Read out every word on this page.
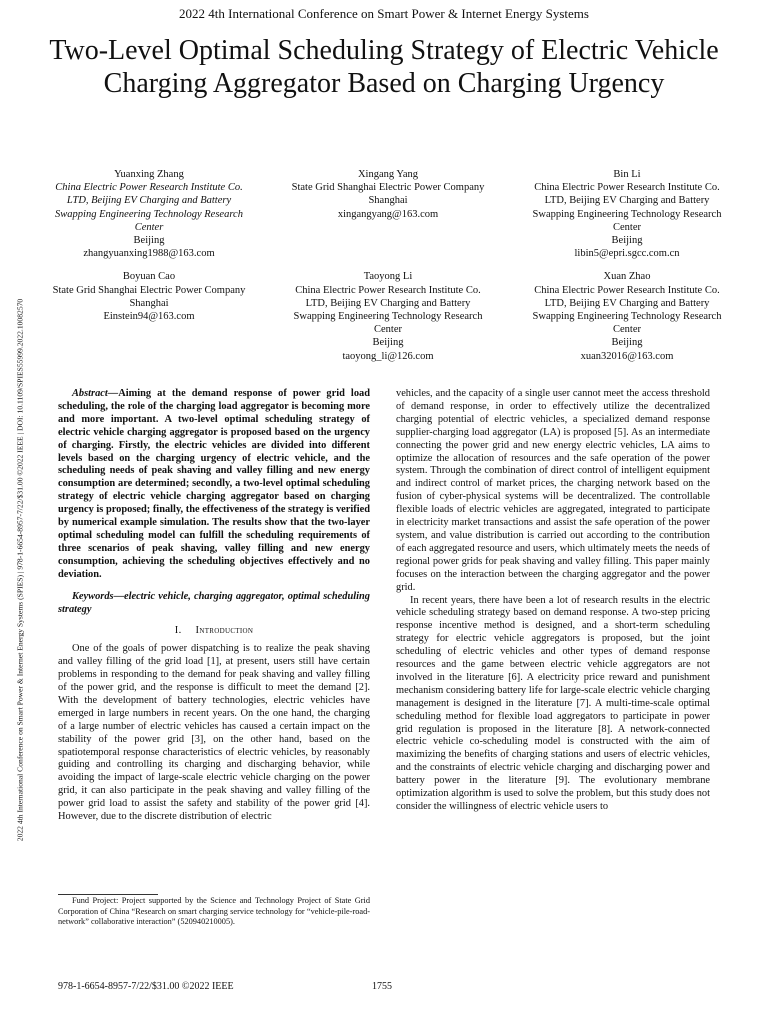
2022 4th International Conference on Smart Power & Internet Energy Systems
Two-Level Optimal Scheduling Strategy of Electric Vehicle Charging Aggregator Based on Charging Urgency
Yuanxing Zhang
China Electric Power Research Institute Co. LTD, Beijing EV Charging and Battery Swapping Engineering Technology Research Center
Beijing
zhangyuanxing1988@163.com
Xingang Yang
State Grid Shanghai Electric Power Company
Shanghai
xingangyang@163.com
Bin Li
China Electric Power Research Institute Co. LTD, Beijing EV Charging and Battery Swapping Engineering Technology Research Center
Beijing
libin5@epri.sgcc.com.cn
Boyuan Cao
State Grid Shanghai Electric Power Company
Shanghai
Einstein94@163.com
Taoyong Li
China Electric Power Research Institute Co. LTD, Beijing EV Charging and Battery Swapping Engineering Technology Research Center
Beijing
taoyong_li@126.com
Xuan Zhao
China Electric Power Research Institute Co. LTD, Beijing EV Charging and Battery Swapping Engineering Technology Research Center
Beijing
xuan32016@163.com
2022 4th International Conference on Smart Power & Internet Energy Systems (SPIES) | 978-1-6654-8957-7/22/$31.00 ©2022 IEEE | DOI: 10.1109/SPIES55999.2022.10082570	Abstract—Aiming at the demand response of power grid load scheduling, the role of the charging load aggregator is becoming more and more important. A two-level optimal scheduling strategy of electric vehicle charging aggregator is proposed based on the urgency of charging. Firstly, the electric vehicles are divided into different levels based on the charging urgency of electric vehicle, and the scheduling needs of peak shaving and valley filling and new energy consumption are determined; secondly, a two-level optimal scheduling strategy of electric vehicle charging aggregator based on charging urgency is proposed; finally, the effectiveness of the strategy is verified by numerical example simulation. The results show that the two-layer optimal scheduling model can fulfill the scheduling requirements of three scenarios of peak shaving, valley filling and new energy consumption, achieving the scheduling objectives effectively and no deviation.

Keywords—electric vehicle, charging aggregator, optimal scheduling strategy

I. Introduction

One of the goals of power dispatching is to realize the peak shaving and valley filling of the grid load [1], at present, users still have certain problems in responding to the demand for peak shaving and valley filling of the power grid, and the response is difficult to meet the demand [2]. With the development of battery technologies, electric vehicles have emerged in large numbers in recent years. On the one hand, the charging of a large number of electric vehicles has caused a certain impact on the stability of the power grid [3], on the other hand, based on the spatiotemporal response characteristics of electric vehicles, by reasonably guiding and controlling its charging and discharging behavior, while avoiding the impact of large-scale electric vehicle charging on the power grid, it can also participate in the peak shaving and valley filling of the power grid load to assist the safety and stability of the power grid [4]. However, due to the discrete distribution of electric

vehicles, and the capacity of a single user cannot meet the access threshold of demand response, in order to effectively utilize the decentralized charging potential of electric vehicles, a specialized demand response supplier-charging load aggregator (LA) is proposed [5]. As an intermediate connecting the power grid and new energy electric vehicles, LA aims to optimize the allocation of resources and the safe operation of the power system. Through the combination of direct control of intelligent equipment and indirect control of market prices, the charging network based on the fusion of cyber-physical systems will be decentralized. The controllable flexible loads of electric vehicles are aggregated, integrated to participate in electricity market transactions and assist the safe operation of the power system, and value distribution is carried out according to the contribution of each aggregated resource and users, which ultimately meets the needs of regional power grids for peak shaving and valley filling. This paper mainly focuses on the interaction between the charging aggregator and the power grid.

In recent years, there have been a lot of research results in the electric vehicle scheduling strategy based on demand response. A two-step pricing response incentive method is designed, and a short-term scheduling strategy for electric vehicle aggregators is proposed, but the joint scheduling of electric vehicles and other types of demand response resources and the game between electric vehicle aggregators are not involved in the literature [6]. A electricity price reward and punishment mechanism considering battery life for large-scale electric vehicle charging management is designed in the literature [7]. A multi-time-scale optimal scheduling method for flexible load aggregators to participate in power grid regulation is proposed in the literature [8]. A network-connected electric vehicle co-scheduling model is constructed with the aim of maximizing the benefits of charging stations and users of electric vehicles, and the constraints of electric vehicle charging and discharging power and battery power in the literature [9]. The evolutionary membrane optimization algorithm is used to solve the problem, but this study does not consider the willingness of electric vehicle users to

Fund Project: Project supported by the Science and Technology Project of State Grid Corporation of China “Research on smart charging service technology for “vehicle-pile-road-network” collaborative interaction” (520940210005).
978-1-6654-8957-7/22/$31.00 ©2022 IEEE	1755
